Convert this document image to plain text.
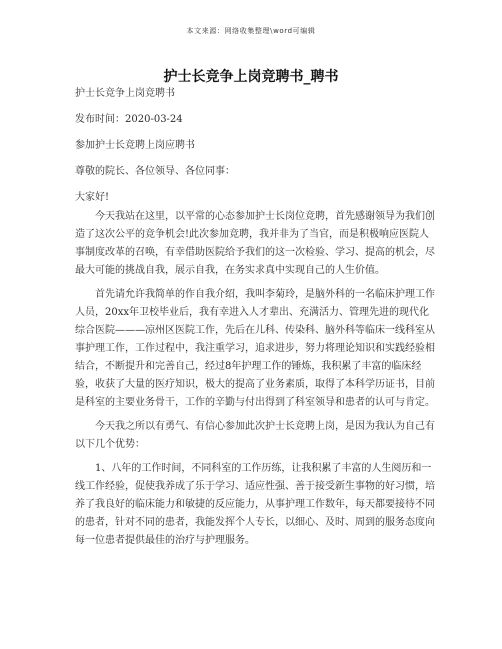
本文来源：网络收集整理\word可编辑
护士长竞争上岗竞聘书_聘书

护士长竞争上岗竞聘书

发布时间：2020-03-24

参加护士长竞聘上岗应聘书

尊敬的院长、各位领导、各位同事：

大家好!

今天我站在这里，以平常的心态参加护士长岗位竞聘，首先感谢领导为我们创造了这次公平的竞争机会!此次参加竞聘，我并非为了当官，而是积极响应医院人事制度改革的召唤，有幸借助医院给予我们的这一次检验、学习、提高的机会，尽最大可能的挑战自我，展示自我，在务实求真中实现自己的人生价值。

首先请允许我简单的作自我介绍，我叫李菊玲，是脑外科的一名临床护理工作人员，20xx年卫校毕业后，我有幸进入人才辈出、充满活力、管理先进的现代化综合医院———凉州区医院工作，先后在儿科、传染科、脑外科等临床一线科室从事护理工作，工作过程中，我注重学习，追求进步，努力将理论知识和实践经验相结合，不断提升和完善自己，经过8年护理工作的锤炼，我积累了丰富的临床经验，收获了大量的医疗知识，极大的提高了业务素质，取得了本科学历证书，目前是科室的主要业务骨干，工作的辛勤与付出得到了科室领导和患者的认可与肯定。

今天我之所以有勇气、有信心参加此次护士长竞聘上岗，是因为我认为自己有以下几个优势：

1、八年的工作时间，不同科室的工作历练，让我积累了丰富的人生阅历和一线工作经验，促使我养成了乐于学习、适应性强、善于接受新生事物的好习惯，培养了我良好的临床能力和敏捷的反应能力，从事护理工作数年，每天都要接待不同的患者，针对不同的患者，我能发挥个人专长，以细心、及时、周到的服务态度向每一位患者提供最佳的治疗与护理服务。
